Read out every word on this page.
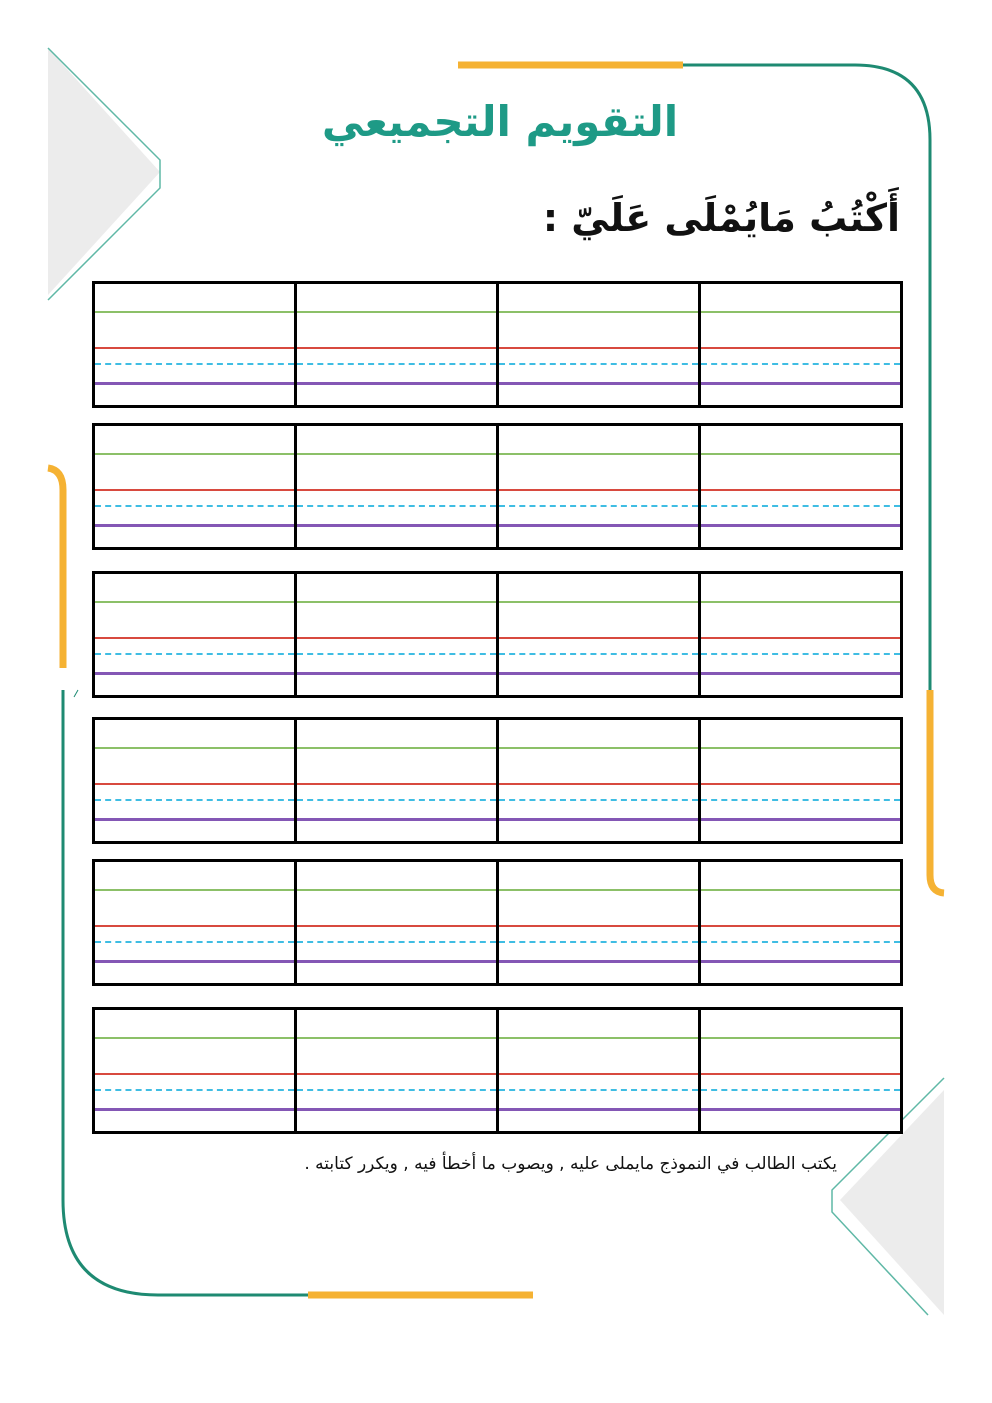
التقويم التجميعي
أَكْتُبُ مَايُمْلَى عَلَيّ :
يكتب الطالب في النموذج مايملى عليه , ويصوب ما أخطأ فيه , ويكرر كتابته .
